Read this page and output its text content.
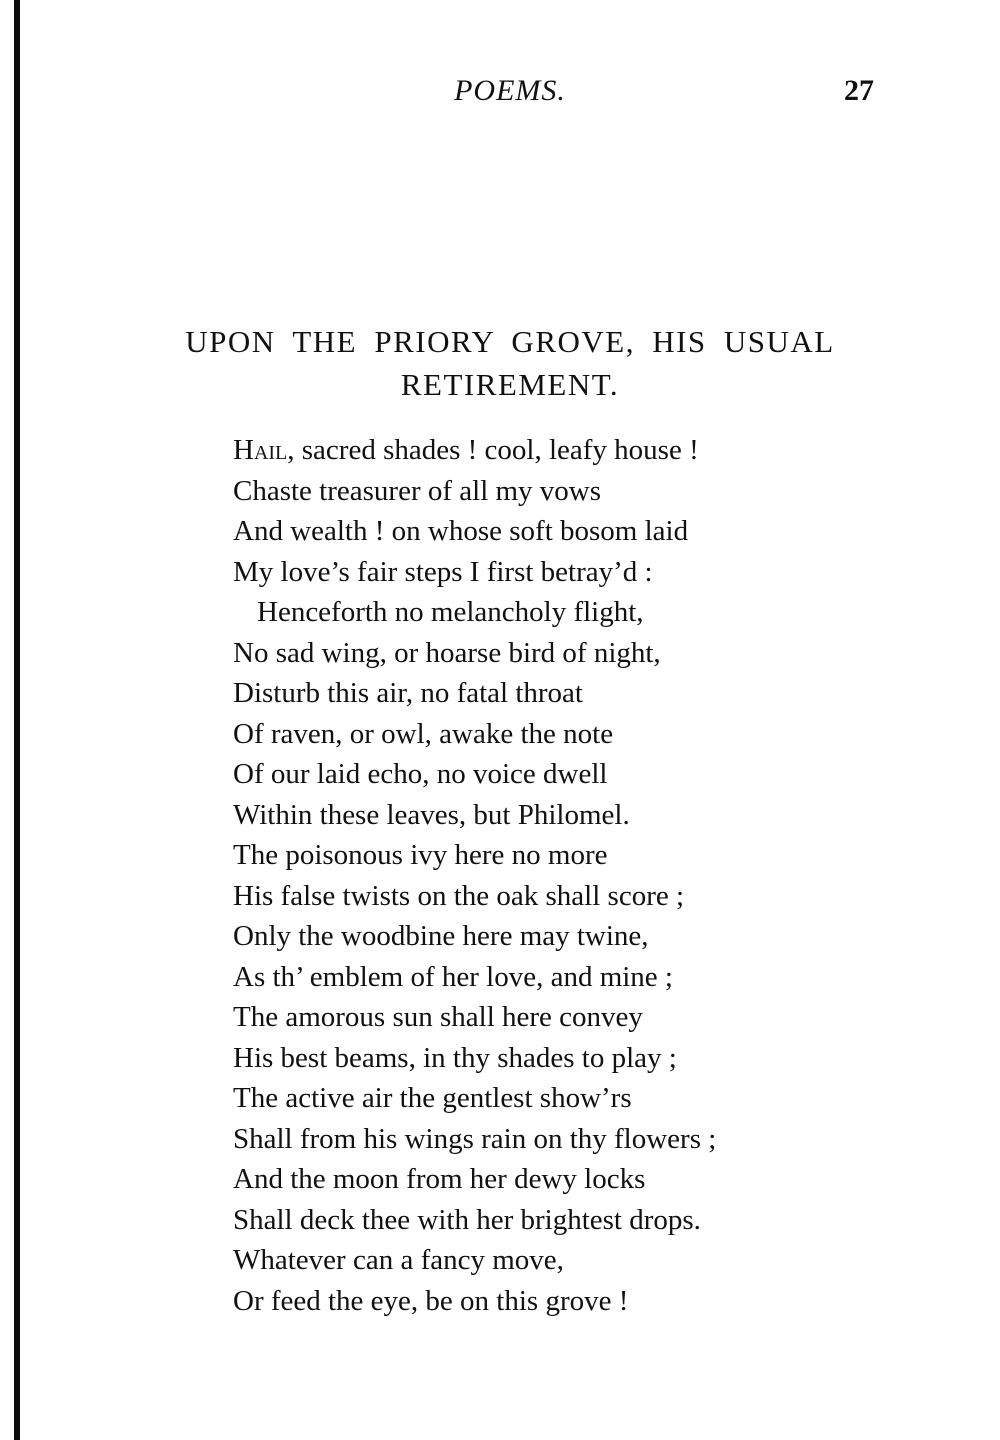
POEMS.	27
UPON THE PRIORY GROVE, HIS USUAL
RETIREMENT.
Hail, sacred shades ! cool, leafy house !
Chaste treasurer of all my vows
And wealth ! on whose soft bosom laid
My love’s fair steps I first betray’d :
Henceforth no melancholy flight,
No sad wing, or hoarse bird of night,
Disturb this air, no fatal throat
Of raven, or owl, awake the note
Of our laid echo, no voice dwell
Within these leaves, but Philomel.
The poisonous ivy here no more
His false twists on the oak shall score ;
Only the woodbine here may twine,
As th’ emblem of her love, and mine ;
The amorous sun shall here convey
His best beams, in thy shades to play ;
The active air the gentlest show’rs
Shall from his wings rain on thy flowers ;
And the moon from her dewy locks
Shall deck thee with her brightest drops.
Whatever can a fancy move,
Or feed the eye, be on this grove !
